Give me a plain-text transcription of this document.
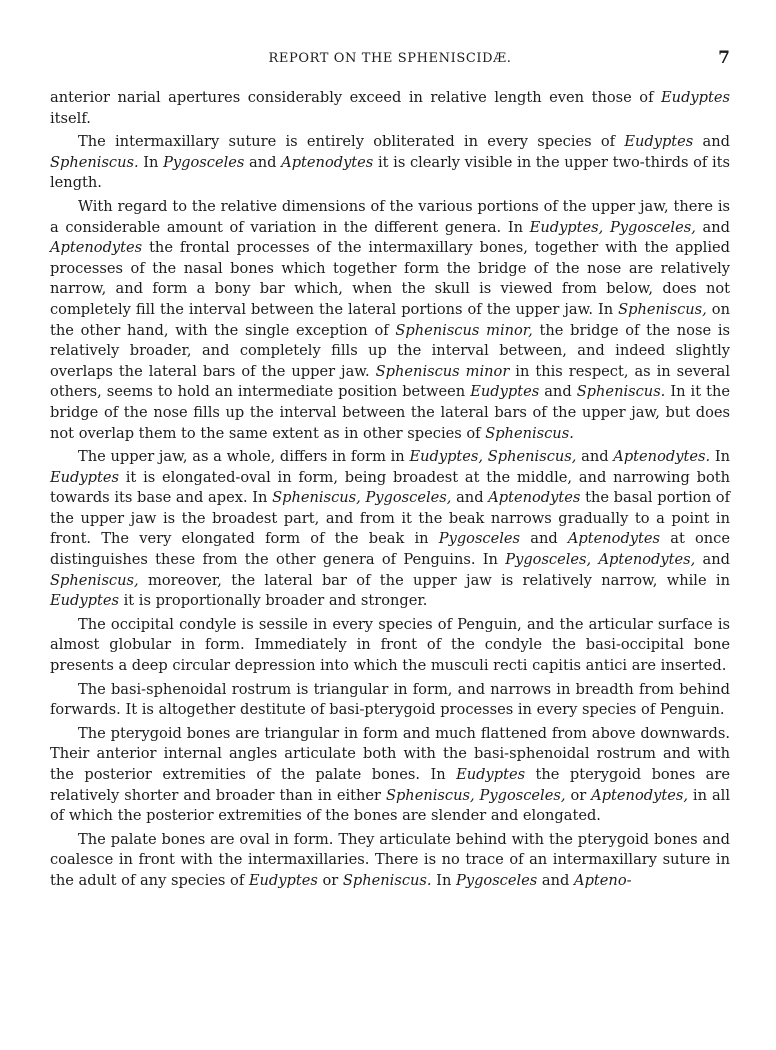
REPORT ON THE SPHENISCIDÆ.	7

anterior narial apertures considerably exceed in relative length even those of Eudyptes itself.

The intermaxillary suture is entirely obliterated in every species of Eudyptes and Spheniscus. In Pygosceles and Aptenodytes it is clearly visible in the upper two-thirds of its length.

With regard to the relative dimensions of the various portions of the upper jaw, there is a considerable amount of variation in the different genera. In Eudyptes, Pygosceles, and Aptenodytes the frontal processes of the intermaxillary bones, together with the applied processes of the nasal bones which together form the bridge of the nose are relatively narrow, and form a bony bar which, when the skull is viewed from below, does not completely fill the interval between the lateral portions of the upper jaw. In Spheniscus, on the other hand, with the single exception of Spheniscus minor, the bridge of the nose is relatively broader, and completely fills up the interval between, and indeed slightly overlaps the lateral bars of the upper jaw. Spheniscus minor in this respect, as in several others, seems to hold an intermediate position between Eudyptes and Spheniscus. In it the bridge of the nose fills up the interval between the lateral bars of the upper jaw, but does not overlap them to the same extent as in other species of Spheniscus.

The upper jaw, as a whole, differs in form in Eudyptes, Spheniscus, and Aptenodytes. In Eudyptes it is elongated-oval in form, being broadest at the middle, and narrowing both towards its base and apex. In Spheniscus, Pygosceles, and Aptenodytes the basal portion of the upper jaw is the broadest part, and from it the beak narrows gradually to a point in front. The very elongated form of the beak in Pygosceles and Aptenodytes at once distinguishes these from the other genera of Penguins. In Pygosceles, Aptenodytes, and Spheniscus, moreover, the lateral bar of the upper jaw is relatively narrow, while in Eudyptes it is proportionally broader and stronger.

The occipital condyle is sessile in every species of Penguin, and the articular surface is almost globular in form. Immediately in front of the condyle the basi-occipital bone presents a deep circular depression into which the musculi recti capitis antici are inserted.

The basi-sphenoidal rostrum is triangular in form, and narrows in breadth from behind forwards. It is altogether destitute of basi-pterygoid processes in every species of Penguin.

The pterygoid bones are triangular in form and much flattened from above downwards. Their anterior internal angles articulate both with the basi-sphenoidal rostrum and with the posterior extremities of the palate bones. In Eudyptes the pterygoid bones are relatively shorter and broader than in either Spheniscus, Pygosceles, or Aptenodytes, in all of which the posterior extremities of the bones are slender and elongated.

The palate bones are oval in form. They articulate behind with the pterygoid bones and coalesce in front with the intermaxillaries. There is no trace of an intermaxillary suture in the adult of any species of Eudyptes or Spheniscus. In Pygosceles and Apteno-
